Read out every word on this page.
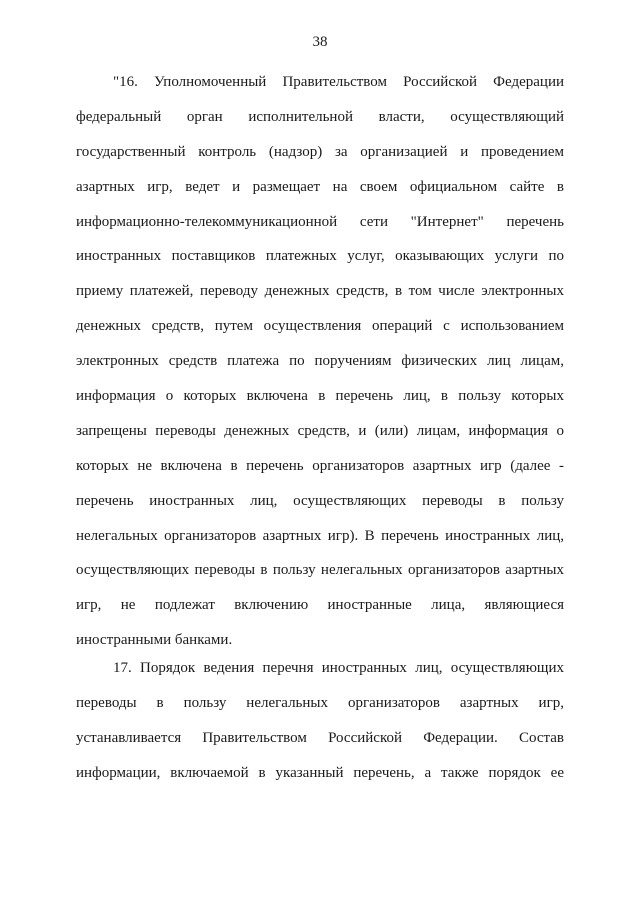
38
"16. Уполномоченный Правительством Российской Федерации
федеральный орган исполнительной власти, осуществляющий
государственный контроль (надзор) за организацией и проведением
азартных игр, ведет и размещает на своем официальном сайте в
информационно-телекоммуникационной сети "Интернет" перечень
иностранных поставщиков платежных услуг, оказывающих услуги по
приему платежей, переводу денежных средств, в том числе электронных
денежных средств, путем осуществления операций с использованием
электронных средств платежа по поручениям физических лиц лицам,
информация о которых включена в перечень лиц, в пользу которых
запрещены переводы денежных средств, и (или) лицам, информация о
которых не включена в перечень организаторов азартных игр (далее -
перечень иностранных лиц, осуществляющих переводы в пользу
нелегальных организаторов азартных игр). В перечень иностранных лиц,
осуществляющих переводы в пользу нелегальных организаторов азартных
игр, не подлежат включению иностранные лица, являющиеся
иностранными банками.
17. Порядок ведения перечня иностранных лиц, осуществляющих
переводы в пользу нелегальных организаторов азартных игр,
устанавливается Правительством Российской Федерации. Состав
информации, включаемой в указанный перечень, а также порядок ее
